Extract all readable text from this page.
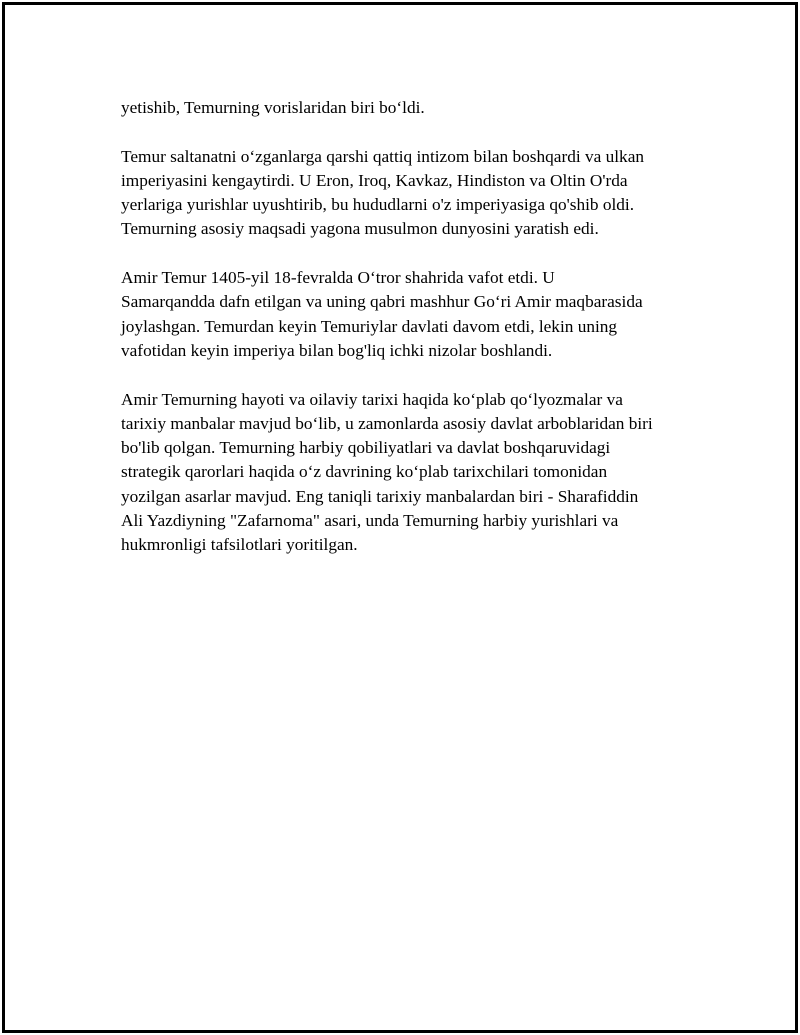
yetishib, Temurning vorislaridan biri bo‘ldi.

Temur saltanatni o‘zganlarga qarshi qattiq intizom bilan boshqardi va ulkan
imperiyasini kengaytirdi. U Eron, Iroq, Kavkaz, Hindiston va Oltin O'rda
yerlariga yurishlar uyushtirib, bu hududlarni o'z imperiyasiga qo'shib oldi.
Temurning asosiy maqsadi yagona musulmon dunyosini yaratish edi.

Amir Temur 1405-yil 18-fevralda O‘tror shahrida vafot etdi. U
Samarqandda dafn etilgan va uning qabri mashhur Go‘ri Amir maqbarasida
joylashgan. Temurdan keyin Temuriylar davlati davom etdi, lekin uning
vafotidan keyin imperiya bilan bog'liq ichki nizolar boshlandi.

Amir Temurning hayoti va oilaviy tarixi haqida ko‘plab qo‘lyozmalar va
tarixiy manbalar mavjud bo‘lib, u zamonlarda asosiy davlat arboblaridan biri
bo'lib qolgan. Temurning harbiy qobiliyatlari va davlat boshqaruvidagi
strategik qarorlari haqida o‘z davrining ko‘plab tarixchilari tomonidan
yozilgan asarlar mavjud. Eng taniqli tarixiy manbalardan biri - Sharafiddin
Ali Yazdiyning "Zafarnoma" asari, unda Temurning harbiy yurishlari va
hukmronligi tafsilotlari yoritilgan.
